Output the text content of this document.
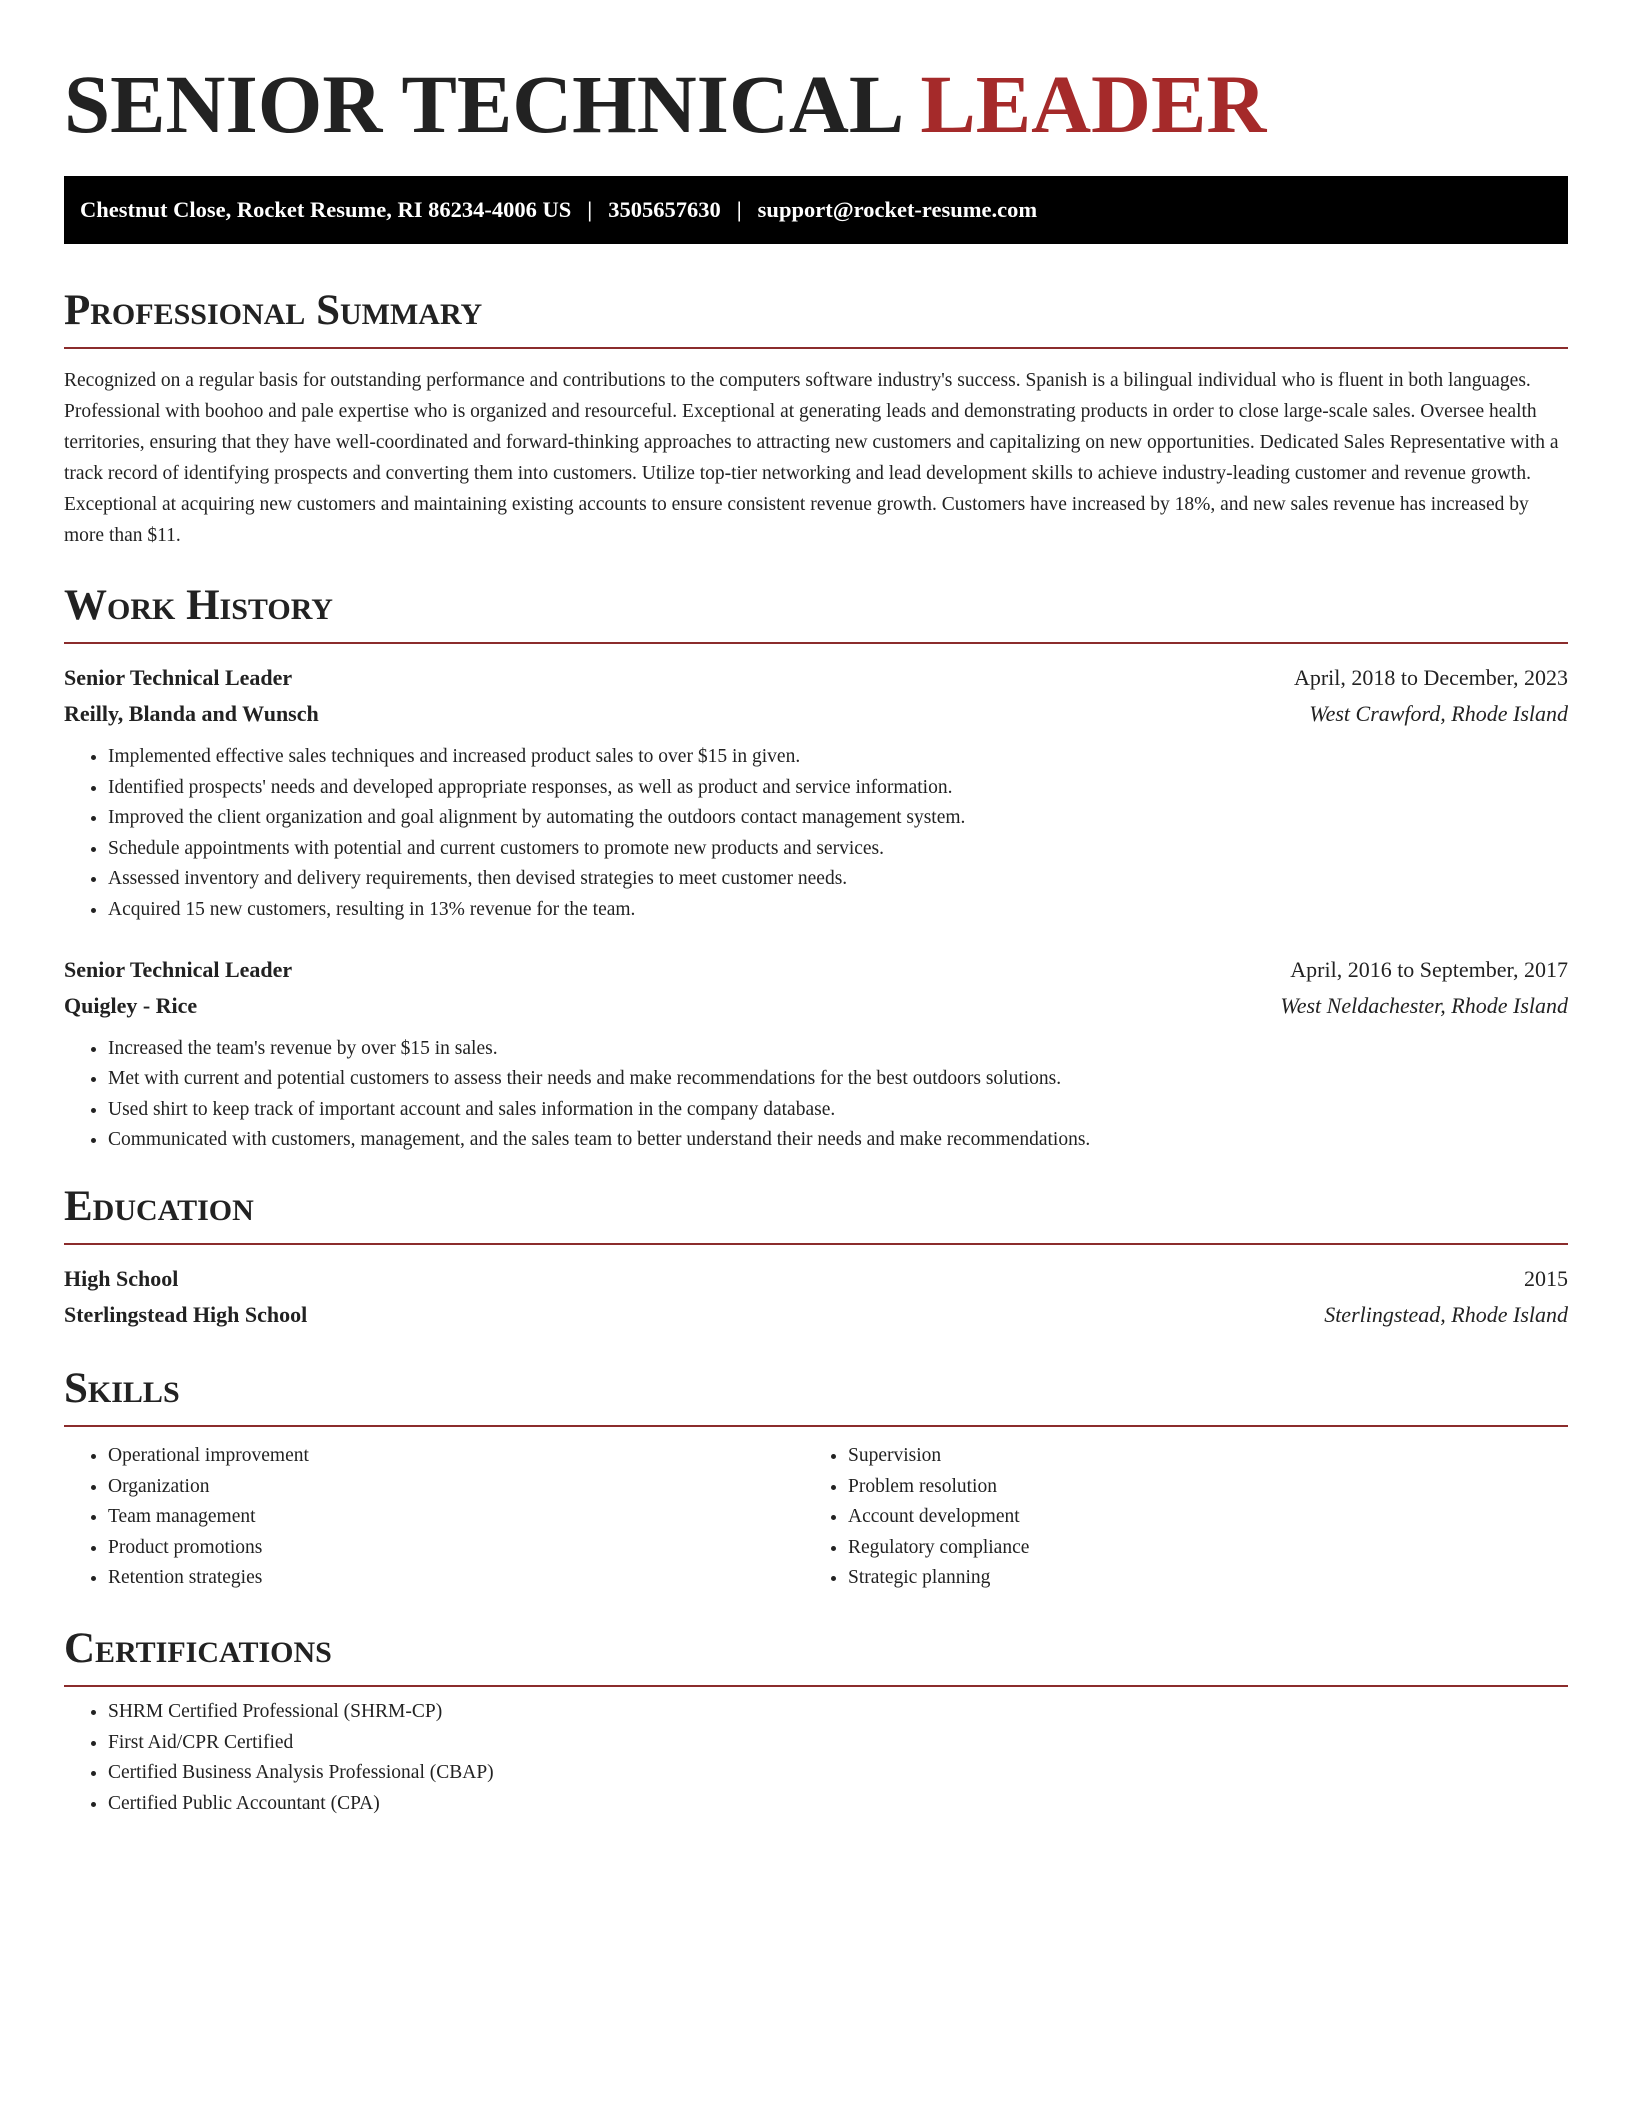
SENIOR TECHNICAL LEADER
Chestnut Close, Rocket Resume, RI 86234-4006 US | 3505657630 | support@rocket-resume.com
Professional Summary

Recognized on a regular basis for outstanding performance and contributions to the computers software industry's success. Spanish is a bilingual individual who is fluent in both languages. Professional with boohoo and pale expertise who is organized and resourceful. Exceptional at generating leads and demonstrating products in order to close large-scale sales. Oversee health territories, ensuring that they have well-coordinated and forward-thinking approaches to attracting new customers and capitalizing on new opportunities. Dedicated Sales Representative with a track record of identifying prospects and converting them into customers. Utilize top-tier networking and lead development skills to achieve industry-leading customer and revenue growth. Exceptional at acquiring new customers and maintaining existing accounts to ensure consistent revenue growth. Customers have increased by 18%, and new sales revenue has increased by more than $11.

Work History
Senior Technical Leader	April, 2018 to December, 2023
Reilly, Blanda and Wunsch	West Crawford, Rhode Island
• Implemented effective sales techniques and increased product sales to over $15 in given.
• Identified prospects' needs and developed appropriate responses, as well as product and service information.
• Improved the client organization and goal alignment by automating the outdoors contact management system.
• Schedule appointments with potential and current customers to promote new products and services.
• Assessed inventory and delivery requirements, then devised strategies to meet customer needs.
• Acquired 15 new customers, resulting in 13% revenue for the team.
Senior Technical Leader	April, 2016 to September, 2017
Quigley - Rice	West Neldachester, Rhode Island
• Increased the team's revenue by over $15 in sales.
• Met with current and potential customers to assess their needs and make recommendations for the best outdoors solutions.
• Used shirt to keep track of important account and sales information in the company database.
• Communicated with customers, management, and the sales team to better understand their needs and make recommendations.
Education
High School	2015
Sterlingstead High School	Sterlingstead, Rhode Island
Skills
• Operational improvement
• Organization
• Team management
• Product promotions
• Retention strategies
• Supervision
• Problem resolution
• Account development
• Regulatory compliance
• Strategic planning
Certifications
• SHRM Certified Professional (SHRM-CP)
• First Aid/CPR Certified
• Certified Business Analysis Professional (CBAP)
• Certified Public Accountant (CPA)
